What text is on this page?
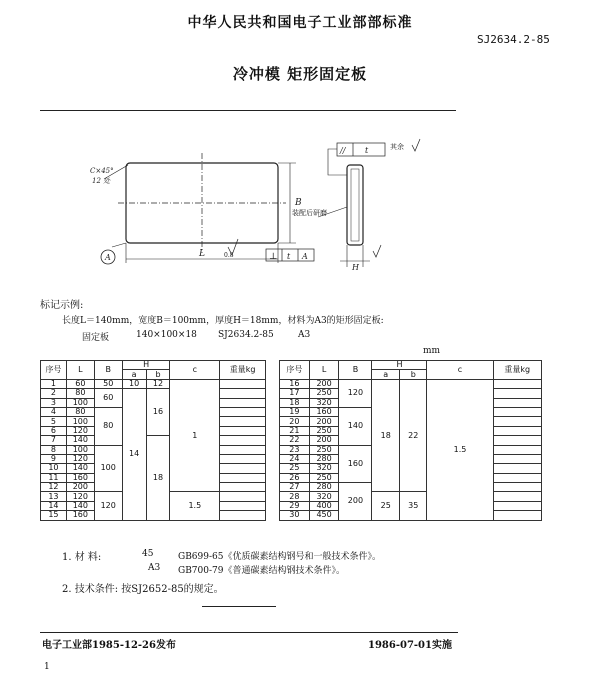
中华人民共和国电子工业部部标准
SJ2634.2-85
冷冲模 矩形固定板
C×45°
12 处
B
L
A	0.8	⊥ t A
// t
H
其余
装配后研磨
标记示例:
长度L＝140mm，宽度B＝100mm，厚度H＝18mm，材料为A3的矩形固定板:
固定板	140×100×18 SJ2634.2-85	A3
mm
序号	L	B	H		c	重量kg
			a	b		
1	60	50	10	12	1	
2	80	60	14	16		
3	100					
4	80	80				
5	100					
6	120					
7	140			18		
8	100	100				
9	120					
10	140					
11	160					
12	200					
13	120	120			1.5	
14	140					
15	160					
序号	L	B	H		c	重量kg
			a	b		
16	200	120	18	22	1.5	
17	250					
18	320					
19	160	140				
20	200					
21	250					
22	200					
23	250	160				
24	280					
25	320					
26	250					
27	280	200				
28	320		25	35		
29	400					
30	450					
1. 材 料:	45	GB699-65《优质碳素结构钢号和一般技术条件》。
A3 GB700-79《普通碳素结构钢技术条件》。
2. 技术条件: 按SJ2652-85的规定。
电子工业部1985-12-26发布	1986-07-01实施
1
